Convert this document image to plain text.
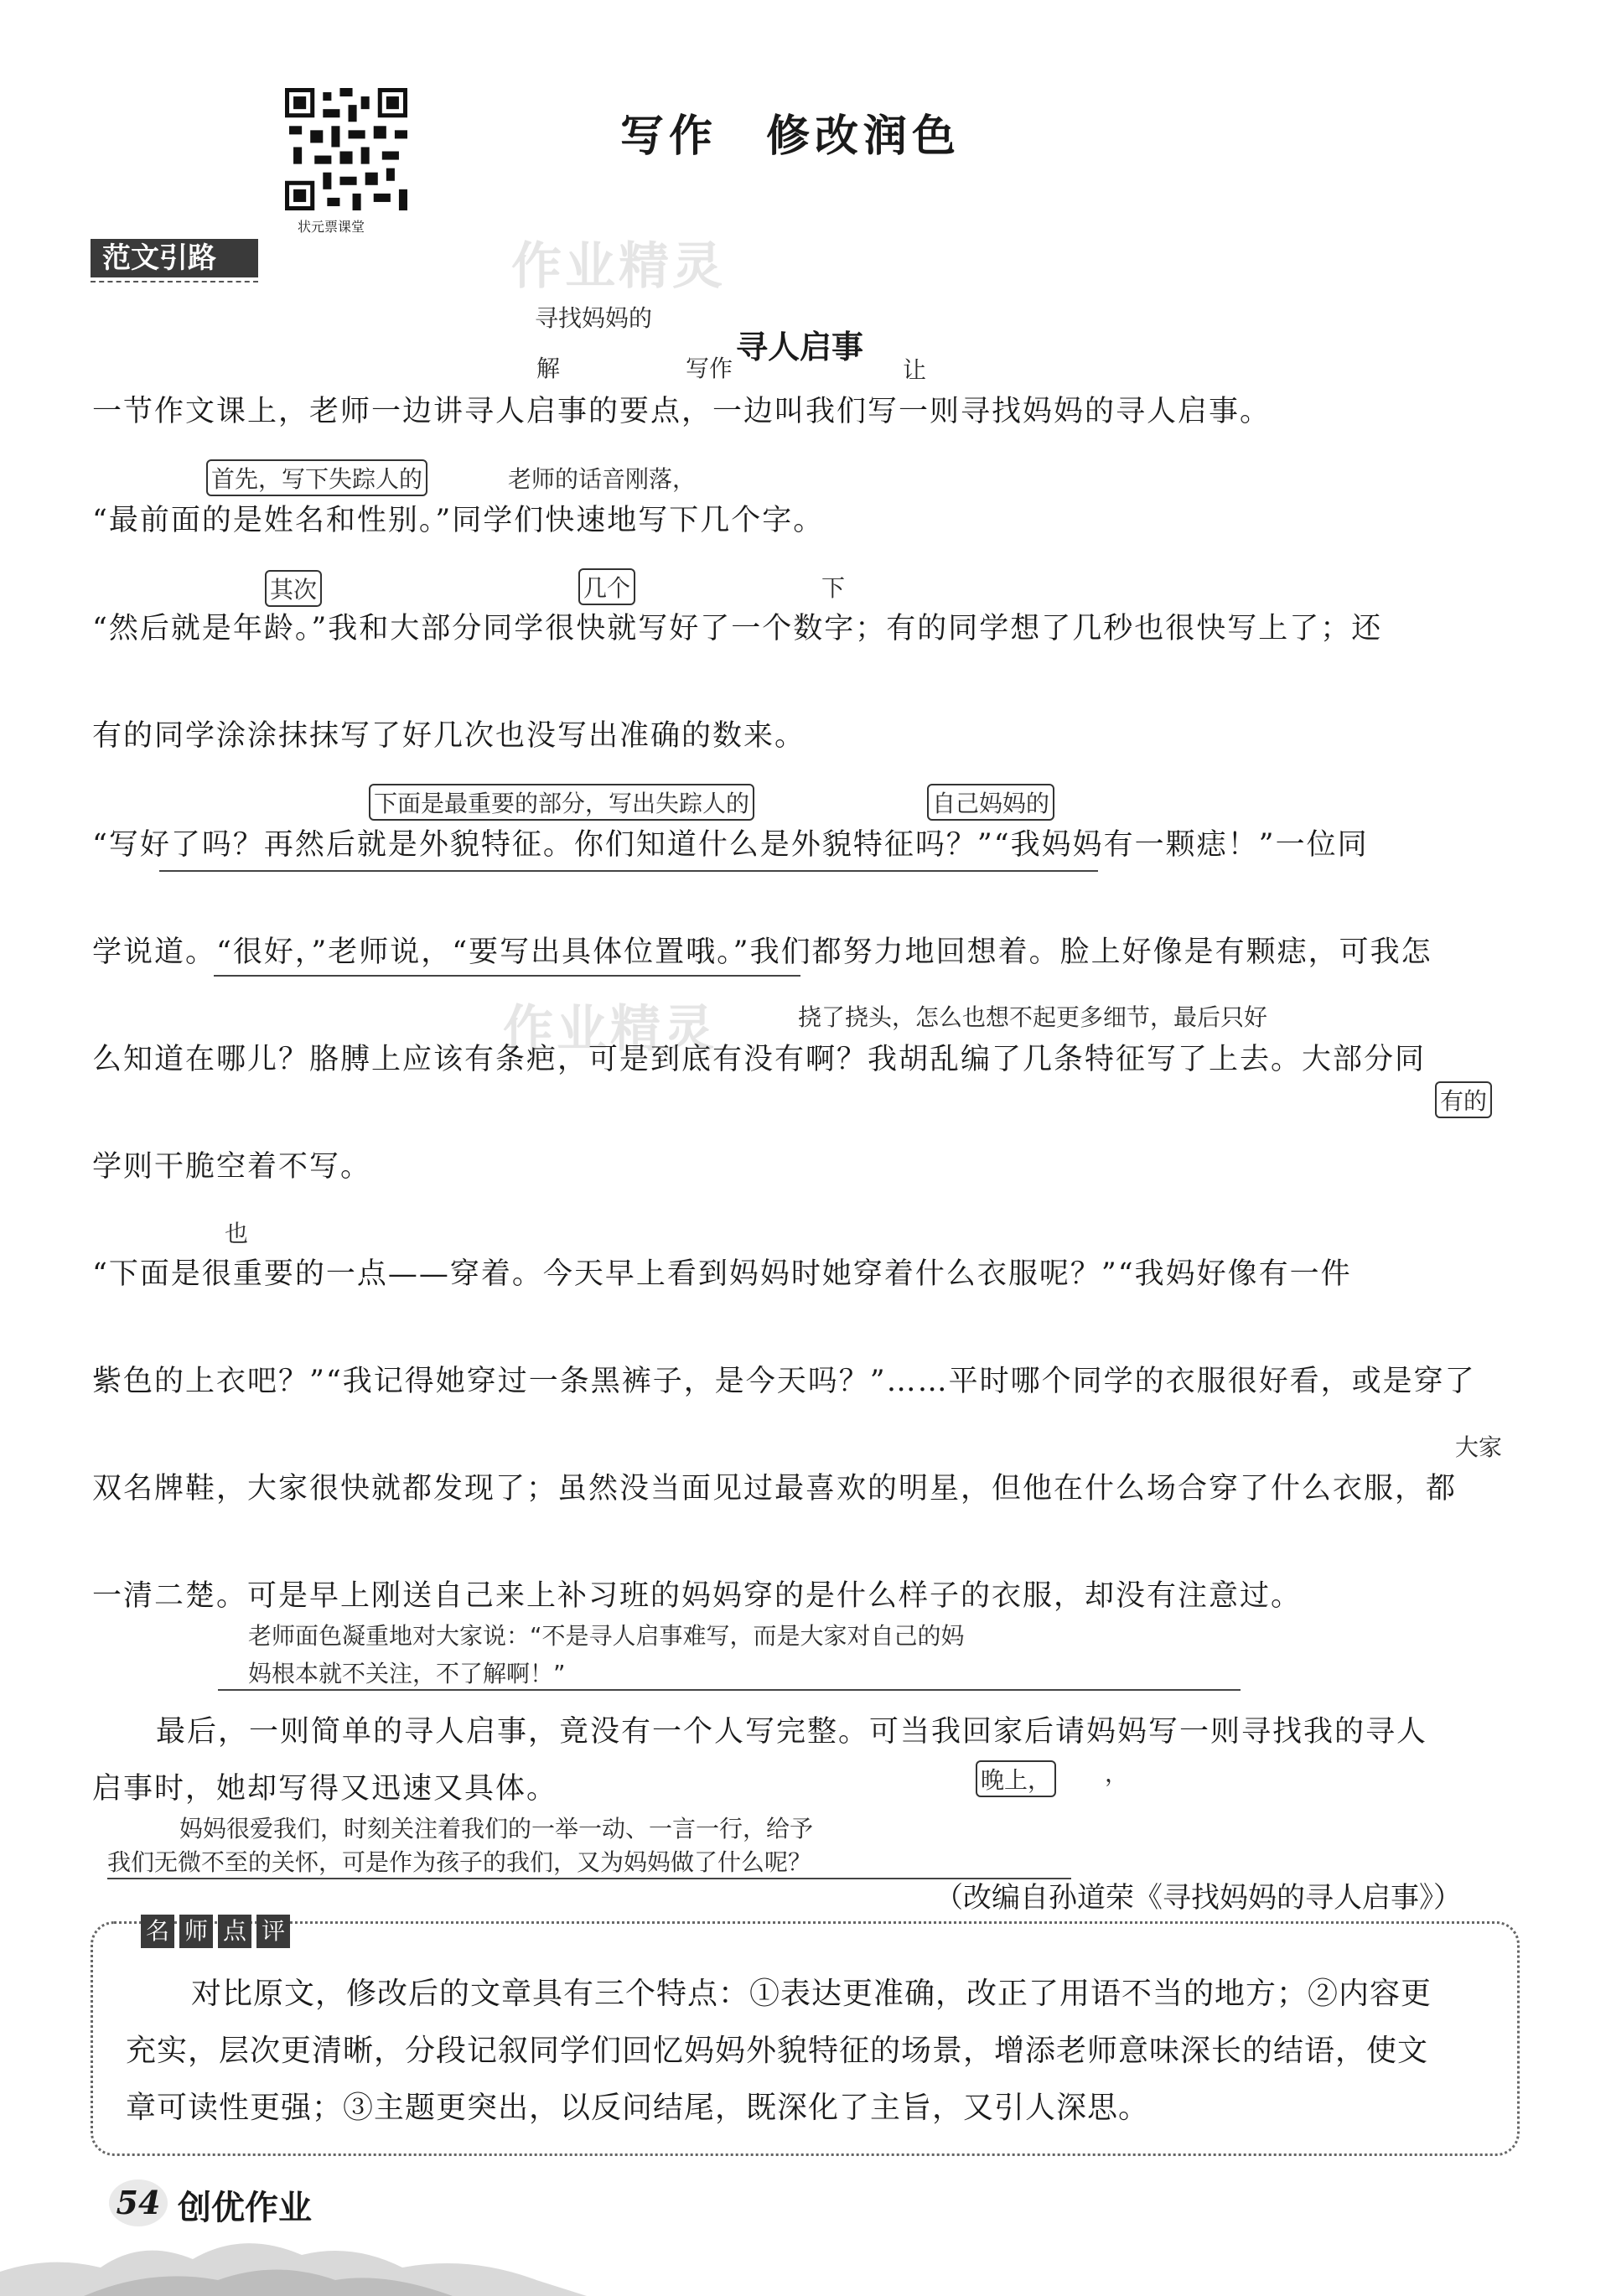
状元票课堂
写作　修改润色
范文引路	作业精灵
作业精灵
寻人启事
寻找妈妈的
解	写作	让
一节作文课上，老师一边讲寻人启事的要点，一边叫我们写一则寻找妈妈的寻人启事。
首先，写下失踪人的	老师的话音刚落，
“最前面的是姓名和性别。”同学们快速地写下几个字。
其次	几个	下
“然后就是年龄。”我和大部分同学很快就写好了一个数字；有的同学想了几秒也很快写上了；还
有的同学涂涂抹抹写了好几次也没写出准确的数来。
下面是最重要的部分，写出失踪人的	自己妈妈的
“写好了吗？再然后就是外貌特征。你们知道什么是外貌特征吗？”“我妈妈有一颗痣！”一位同
学说道。“很好，”老师说，“要写出具体位置哦。”我们都努力地回想着。脸上好像是有颗痣，可我怎
挠了挠头，怎么也想不起更多细节，最后只好
么知道在哪儿？胳膊上应该有条疤，可是到底有没有啊？我胡乱编了几条特征写了上去。大部分同
有的
学则干脆空着不写。
也
“下面是很重要的一点——穿着。今天早上看到妈妈时她穿着什么衣服呢？”“我妈好像有一件
紫色的上衣吧？”“我记得她穿过一条黑裤子，是今天吗？”……平时哪个同学的衣服很好看，或是穿了
大家
双名牌鞋，大家很快就都发现了；虽然没当面见过最喜欢的明星，但他在什么场合穿了什么衣服，都
一清二楚。可是早上刚送自己来上补习班的妈妈穿的是什么样子的衣服，却没有注意过。
老师面色凝重地对大家说：“不是寻人启事难写，而是大家对自己的妈
妈根本就不关注，不了解啊！”
最后，一则简单的寻人启事，竟没有一个人写完整。可当我回家后请妈妈写一则寻找我的寻人
启事时，她却写得又迅速又具体。	晚上， ，
妈妈很爱我们，时刻关注着我们的一举一动、一言一行，给予
我们无微不至的关怀，可是作为孩子的我们，又为妈妈做了什么呢？
（改编自孙道荣《寻找妈妈的寻人启事》）
名 师 点 评
对比原文，修改后的文章具有三个特点：①表达更准确，改正了用语不当的地方；②内容更
充实，层次更清晰，分段记叙同学们回忆妈妈外貌特征的场景，增添老师意味深长的结语，使文
章可读性更强；③主题更突出，以反问结尾，既深化了主旨，又引人深思。
54 创优作业
